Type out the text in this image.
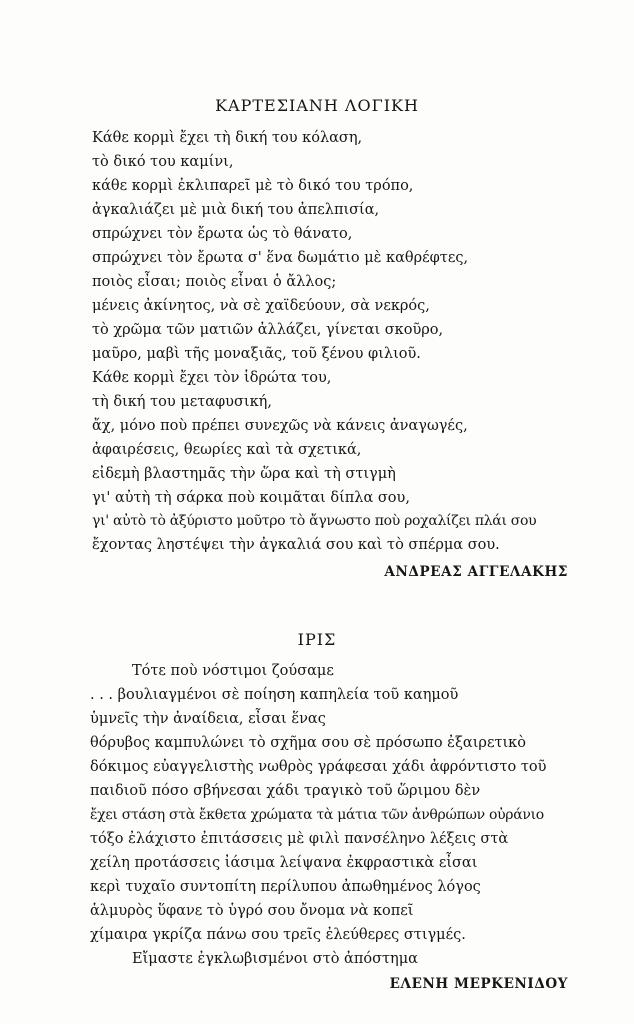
ΚΑΡΤΕΣΙΑΝΗ ΛΟΓΙΚΗ
Κάθε κορμὶ ἔχει τὴ δική του κόλαση,
τὸ δικό του καμίνι,
κάθε κορμὶ ἐκλιπαρεῖ μὲ τὸ δικό του τρόπο,
ἀγκαλιάζει μὲ μιὰ δική του ἀπελπισία,
σπρώχνει τὸν ἔρωτα ὡς τὸ θάνατο,
σπρώχνει τὸν ἔρωτα σ' ἕνα δωμάτιο μὲ καθρέφτες,
ποιὸς εἶσαι; ποιὸς εἶναι ὁ ἄλλος;
μένεις ἀκίνητος, νὰ σὲ χαϊδεύουν, σὰ νεκρός,
τὸ χρῶμα τῶν ματιῶν ἀλλάζει, γίνεται σκοῦρο,
μαῦρο, μαβὶ τῆς μοναξιᾶς, τοῦ ξένου φιλιοῦ.
Κάθε κορμὶ ἔχει τὸν ἱδρώτα του,
τὴ δική του μεταφυσική,
ἄχ, μόνο ποὺ πρέπει συνεχῶς νὰ κάνεις ἀναγωγές,
ἀφαιρέσεις, θεωρίες καὶ τὰ σχετικά,
εἰδεμὴ βλαστημᾶς τὴν ὥρα καὶ τὴ στιγμὴ
γι' αὐτὴ τὴ σάρκα ποὺ κοιμᾶται δίπλα σου,
γι' αὐτὸ τὸ ἀξύριστο μοῦτρο τὸ ἄγνωστο ποὺ ροχαλίζει πλάι σου
ἔχοντας ληστέψει τὴν ἀγκαλιά σου καὶ τὸ σπέρμα σου.
ΑΝΔΡΕΑΣ ΑΓΓΕΛΑΚΗΣ
ΙΡΙΣ
Τότε ποὺ νόστιμοι ζούσαμε
. . . βουλιαγμένοι σὲ ποίηση καπηλεία τοῦ καημοῦ
ὑμνεῖς τὴν ἀναίδεια, εἶσαι ἕνας
θόρυβος καμπυλώνει τὸ σχῆμα σου σὲ πρόσωπο ἐξαιρετικὸ
δόκιμος εὐαγγελιστὴς νωθρὸς γράφεσαι χάδι ἀφρόντιστο τοῦ
παιδιοῦ πόσο σβήνεσαι χάδι τραγικὸ τοῦ ὥριμου δὲν
ἔχει στάση στὰ ἔκθετα χρώματα τὰ μάτια τῶν ἀνθρώπων οὐράνιο
τόξο ἐλάχιστο ἐπιτάσσεις μὲ φιλὶ πανσέληνο λέξεις στὰ
χείλη προτάσσεις ἰάσιμα λείψανα ἐκφραστικὰ εἶσαι
κερὶ τυχαῖο συντοπίτη περίλυπου ἀπωθημένος λόγος
ἁλμυρὸς ὕφανε τὸ ὑγρό σου ὄνομα νὰ κοπεῖ
χίμαιρα γκρίζα πάνω σου τρεῖς ἐλεύθερες στιγμές.
Εἴμαστε ἐγκλωβισμένοι στὸ ἀπόστημα
ΕΛΕΝΗ ΜΕΡΚΕΝΙΔΟΥ
